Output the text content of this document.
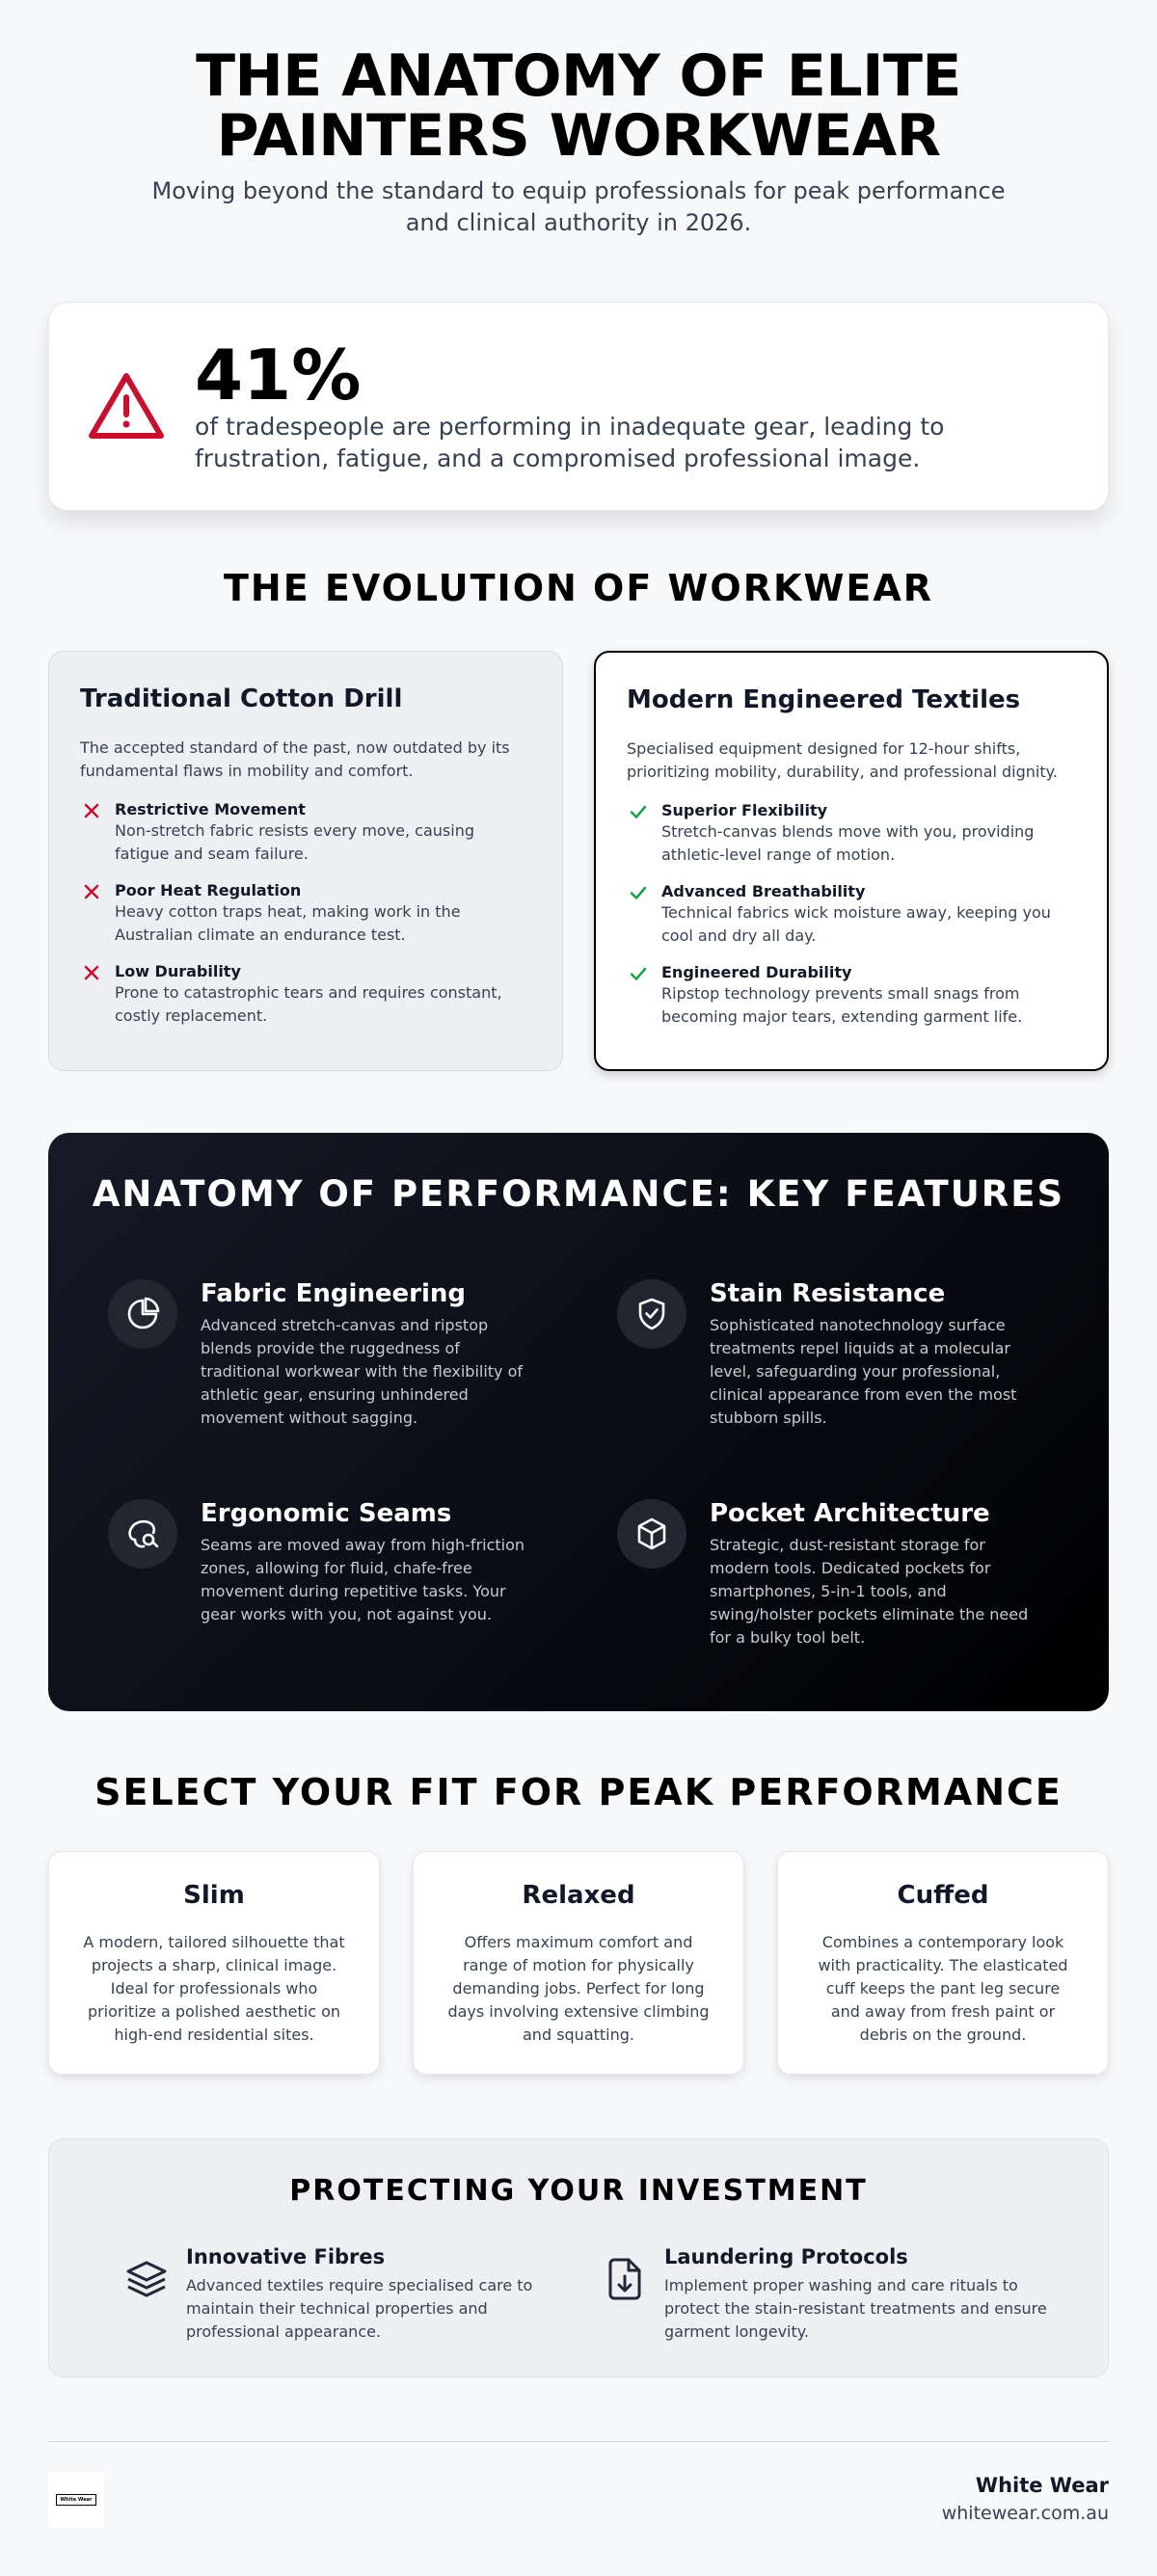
THE ANATOMY OF ELITE PAINTERS WORKWEAR
Moving beyond the standard to equip professionals for peak performance and clinical authority in 2026.
41%
of tradespeople are performing in inadequate gear, leading to frustration, fatigue, and a compromised professional image.
THE EVOLUTION OF WORKWEAR
Traditional Cotton Drill

The accepted standard of the past, now outdated by its fundamental flaws in mobility and comfort.

Restrictive Movement
Non-stretch fabric resists every move, causing fatigue and seam failure.
Poor Heat Regulation
Heavy cotton traps heat, making work in the Australian climate an endurance test.
Low Durability
Prone to catastrophic tears and requires constant, costly replacement.
Modern Engineered Textiles

Specialised equipment designed for 12-hour shifts, prioritizing mobility, durability, and professional dignity.

Superior Flexibility
Stretch-canvas blends move with you, providing athletic-level range of motion.
Advanced Breathability
Technical fabrics wick moisture away, keeping you cool and dry all day.
Engineered Durability
Ripstop technology prevents small snags from becoming major tears, extending garment life.
ANATOMY OF PERFORMANCE: KEY FEATURES
Fabric Engineering
Advanced stretch-canvas and ripstop blends provide the ruggedness of traditional workwear with the flexibility of athletic gear, ensuring unhindered movement without sagging.
Stain Resistance
Sophisticated nanotechnology surface treatments repel liquids at a molecular level, safeguarding your professional, clinical appearance from even the most stubborn spills.
Ergonomic Seams
Seams are moved away from high-friction zones, allowing for fluid, chafe-free movement during repetitive tasks. Your gear works with you, not against you.
Pocket Architecture
Strategic, dust-resistant storage for modern tools. Dedicated pockets for smartphones, 5-in-1 tools, and swing/holster pockets eliminate the need for a bulky tool belt.
SELECT YOUR FIT FOR PEAK PERFORMANCE
Slim
A modern, tailored silhouette that projects a sharp, clinical image. Ideal for professionals who prioritize a polished aesthetic on high-end residential sites.
Relaxed
Offers maximum comfort and range of motion for physically demanding jobs. Perfect for long days involving extensive climbing and squatting.
Cuffed
Combines a contemporary look with practicality. The elasticated cuff keeps the pant leg secure and away from fresh paint or debris on the ground.
PROTECTING YOUR INVESTMENT
Innovative Fibres
Advanced textiles require specialised care to maintain their technical properties and professional appearance.
Laundering Protocols
Implement proper washing and care rituals to protect the stain-resistant treatments and ensure garment longevity.
White Wear
White Wear
whitewear.com.au
